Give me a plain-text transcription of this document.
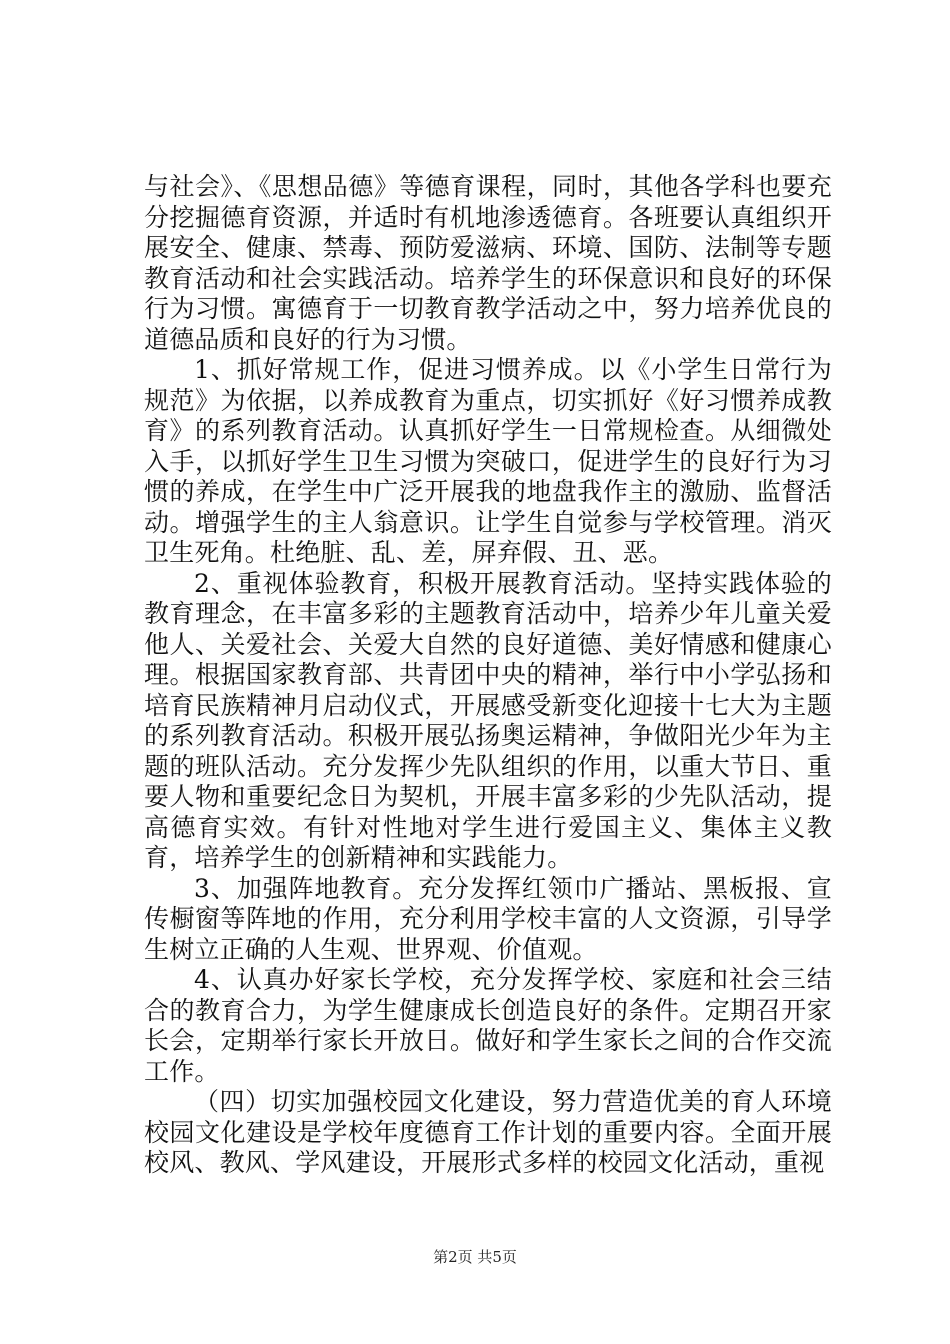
与社会》、《思想品德》等德育课程，同时，其他各学科也要充分挖掘德育资源，并适时有机地渗透德育。各班要认真组织开展安全、健康、禁毒、预防爱滋病、环境、国防、法制等专题教育活动和社会实践活动。培养学生的环保意识和良好的环保行为习惯。寓德育于一切教育教学活动之中，努力培养优良的道德品质和良好的行为习惯。

1、抓好常规工作，促进习惯养成。以《小学生日常行为规范》为依据，以养成教育为重点，切实抓好《好习惯养成教育》的系列教育活动。认真抓好学生一日常规检查。从细微处入手，以抓好学生卫生习惯为突破口，促进学生的良好行为习惯的养成，在学生中广泛开展我的地盘我作主的激励、监督活动。增强学生的主人翁意识。让学生自觉参与学校管理。消灭卫生死角。杜绝脏、乱、差，屏弃假、丑、恶。

2、重视体验教育，积极开展教育活动。坚持实践体验的教育理念，在丰富多彩的主题教育活动中，培养少年儿童关爱他人、关爱社会、关爱大自然的良好道德、美好情感和健康心理。根据国家教育部、共青团中央的精神，举行中小学弘扬和培育民族精神月启动仪式，开展感受新变化迎接十七大为主题的系列教育活动。积极开展弘扬奥运精神，争做阳光少年为主题的班队活动。充分发挥少先队组织的作用，以重大节日、重要人物和重要纪念日为契机，开展丰富多彩的少先队活动，提高德育实效。有针对性地对学生进行爱国主义、集体主义教育，培养学生的创新精神和实践能力。

3、加强阵地教育。充分发挥红领巾广播站、黑板报、宣传橱窗等阵地的作用，充分利用学校丰富的人文资源，引导学生树立正确的人生观、世界观、价值观。

4、认真办好家长学校，充分发挥学校、家庭和社会三结合的教育合力，为学生健康成长创造良好的条件。定期召开家长会，定期举行家长开放日。做好和学生家长之间的合作交流工作。

（四）切实加强校园文化建设，努力营造优美的育人环境校园文化建设是学校年度德育工作计划的重要内容。全面开展校风、教风、学风建设，开展形式多样的校园文化活动，重视

第2页 共5页
